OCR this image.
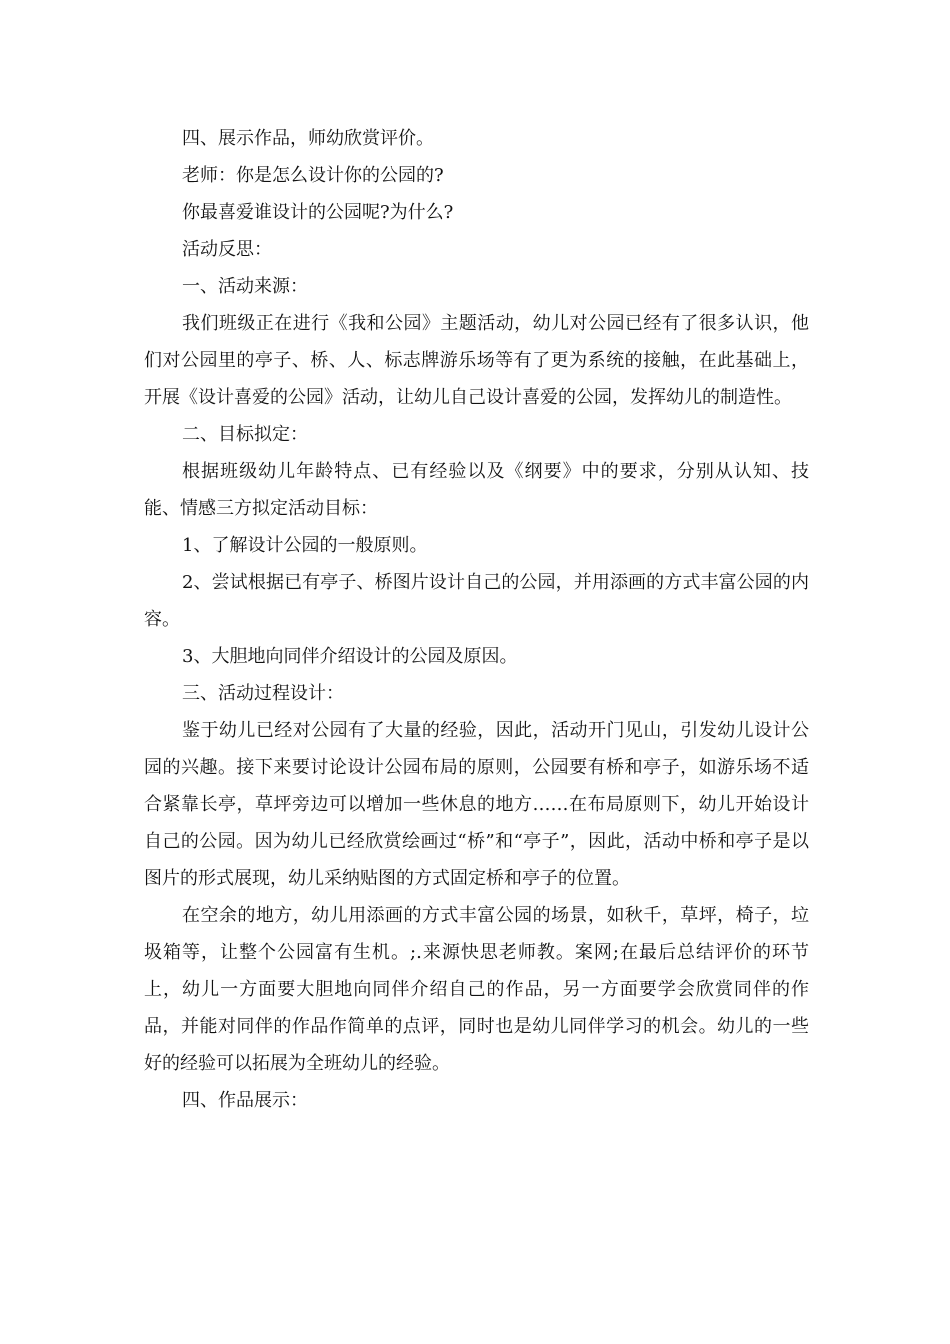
四、展示作品，师幼欣赏评价。

老师：你是怎么设计你的公园的?

你最喜爱谁设计的公园呢?为什么?

活动反思：

一、活动来源：

我们班级正在进行《我和公园》主题活动，幼儿对公园已经有了很多认识，他们对公园里的亭子、桥、人、标志牌游乐场等有了更为系统的接触，在此基础上，开展《设计喜爱的公园》活动，让幼儿自己设计喜爱的公园，发挥幼儿的制造性。

二、目标拟定：

根据班级幼儿年龄特点、已有经验以及《纲要》中的要求，分别从认知、技能、情感三方拟定活动目标：

1、了解设计公园的一般原则。

2、尝试根据已有亭子、桥图片设计自己的公园，并用添画的方式丰富公园的内容。

3、大胆地向同伴介绍设计的公园及原因。

三、活动过程设计：

鉴于幼儿已经对公园有了大量的经验，因此，活动开门见山，引发幼儿设计公园的兴趣。接下来要讨论设计公园布局的原则，公园要有桥和亭子，如游乐场不适合紧靠长亭，草坪旁边可以增加一些休息的地方……在布局原则下，幼儿开始设计自己的公园。因为幼儿已经欣赏绘画过“桥”和“亭子”，因此，活动中桥和亭子是以图片的形式展现，幼儿采纳贴图的方式固定桥和亭子的位置。

在空余的地方，幼儿用添画的方式丰富公园的场景，如秋千，草坪，椅子，垃圾箱等，让整个公园富有生机。;.来源快思老师教。案网;在最后总结评价的环节上，幼儿一方面要大胆地向同伴介绍自己的作品，另一方面要学会欣赏同伴的作品，并能对同伴的作品作简单的点评，同时也是幼儿同伴学习的机会。幼儿的一些好的经验可以拓展为全班幼儿的经验。

四、作品展示：
